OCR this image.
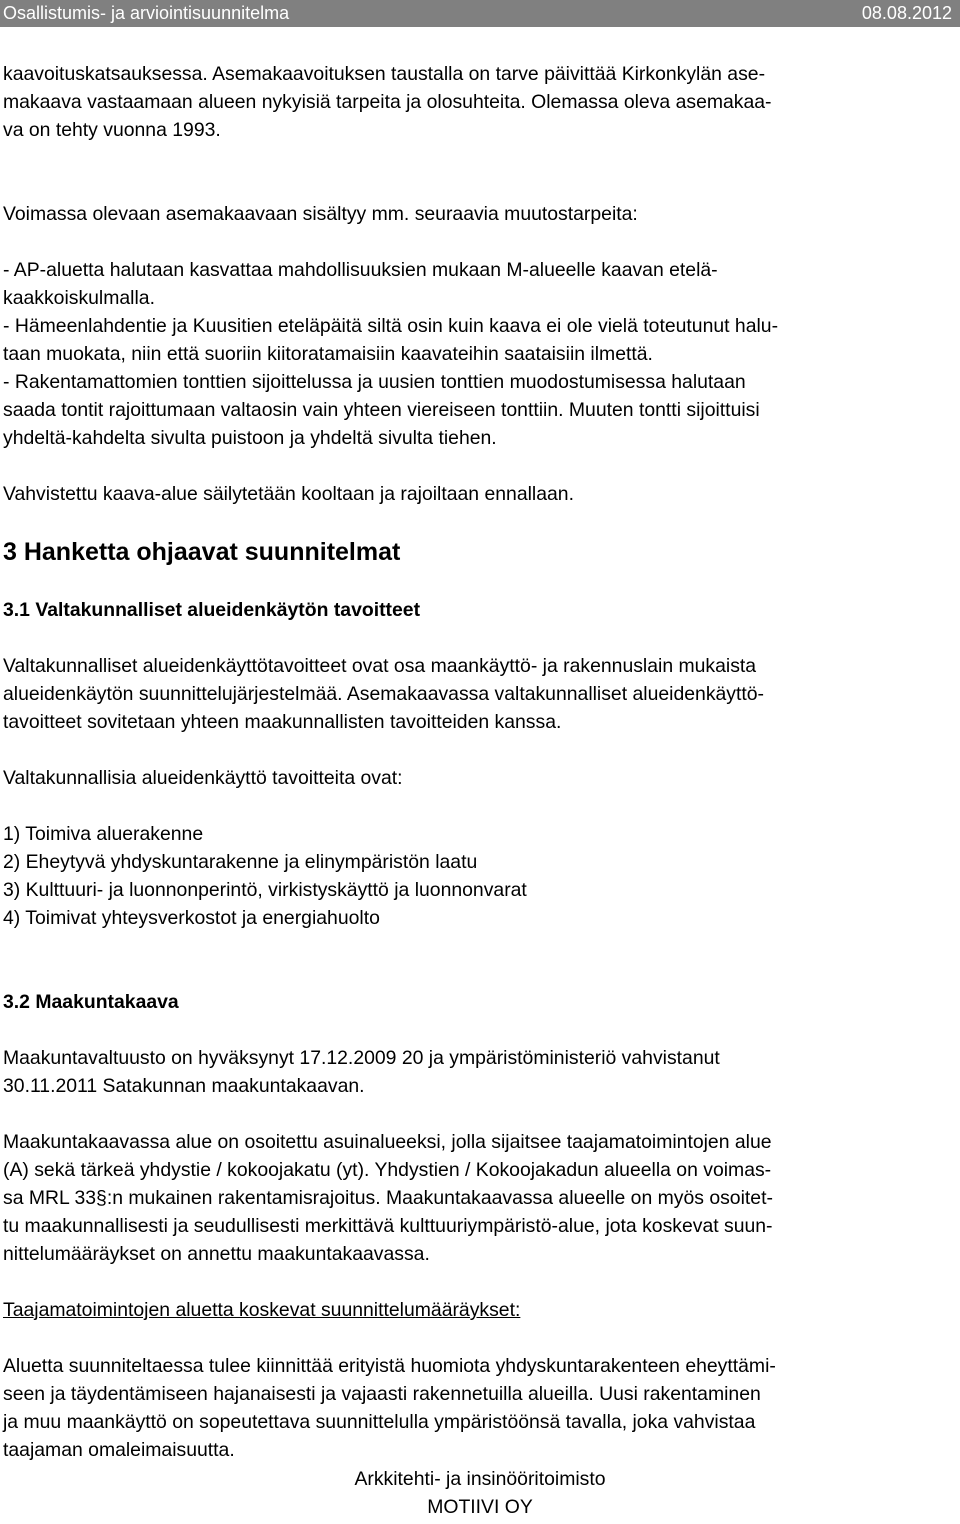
Osallistumis- ja arviointisuunnitelma	08.08.2012

kaavoituskatsauksessa. Asemakaavoituksen taustalla on tarve päivittää Kirkonkylän ase-
makaava vastaamaan alueen nykyisiä tarpeita ja olosuhteita. Olemassa oleva asemakaa-
va on tehty vuonna 1993.

Voimassa olevaan asemakaavaan sisältyy mm. seuraavia muutostarpeita:

- AP-aluetta halutaan kasvattaa mahdollisuuksien mukaan M-alueelle kaavan etelä-
kaakkoiskulmalla.

- Hämeenlahdentie ja Kuusitien eteläpäitä siltä osin kuin kaava ei ole vielä toteutunut halu-
taan muokata, niin että suoriin kiitoratamaisiin kaavateihin saataisiin ilmettä.

- Rakentamattomien tonttien sijoittelussa ja uusien tonttien muodostumisessa halutaan
saada tontit rajoittumaan valtaosin vain yhteen viereiseen tonttiin. Muuten tontti sijoittuisi
yhdeltä-kahdelta sivulta puistoon ja yhdeltä sivulta tiehen.

Vahvistettu kaava-alue säilytetään kooltaan ja rajoiltaan ennallaan.

3 Hanketta ohjaavat suunnitelmat
3.1 Valtakunnalliset alueidenkäytön tavoitteet

Valtakunnalliset alueidenkäyttötavoitteet ovat osa maankäyttö- ja rakennuslain mukaista
alueidenkäytön suunnittelujärjestelmää. Asemakaavassa valtakunnalliset alueidenkäyttö-
tavoitteet sovitetaan yhteen maakunnallisten tavoitteiden kanssa.

Valtakunnallisia alueidenkäyttö tavoitteita ovat:

1) Toimiva aluerakenne

2) Eheytyvä yhdyskuntarakenne ja elinympäristön laatu

3) Kulttuuri- ja luonnonperintö, virkistyskäyttö ja luonnonvarat

4) Toimivat yhteysverkostot ja energiahuolto

3.2 Maakuntakaava

Maakuntavaltuusto on hyväksynyt 17.12.2009 20 ja ympäristöministeriö vahvistanut
30.11.2011 Satakunnan maakuntakaavan.

Maakuntakaavassa alue on osoitettu asuinalueeksi, jolla sijaitsee taajamatoimintojen alue
(A) sekä tärkeä yhdystie / kokoojakatu (yt). Yhdystien / Kokoojakadun alueella on voimas-
sa MRL 33§:n mukainen rakentamisrajoitus. Maakuntakaavassa alueelle on myös osoitet-
tu maakunnallisesti ja seudullisesti merkittävä kulttuuriympäristö-alue, jota koskevat suun-
nittelumääräykset on annettu maakuntakaavassa.

Taajamatoimintojen aluetta koskevat suunnittelumääräykset:

Aluetta suunniteltaessa tulee kiinnittää erityistä huomiota yhdyskuntarakenteen eheyttämi-
seen ja täydentämiseen hajanaisesti ja vajaasti rakennetuilla alueilla. Uusi rakentaminen
ja muu maankäyttö on sopeutettava suunnittelulla ympäristöönsä tavalla, joka vahvistaa
taajaman omaleimaisuutta.

Arkkitehti- ja insinööritoimisto
MOTIIVI OY
